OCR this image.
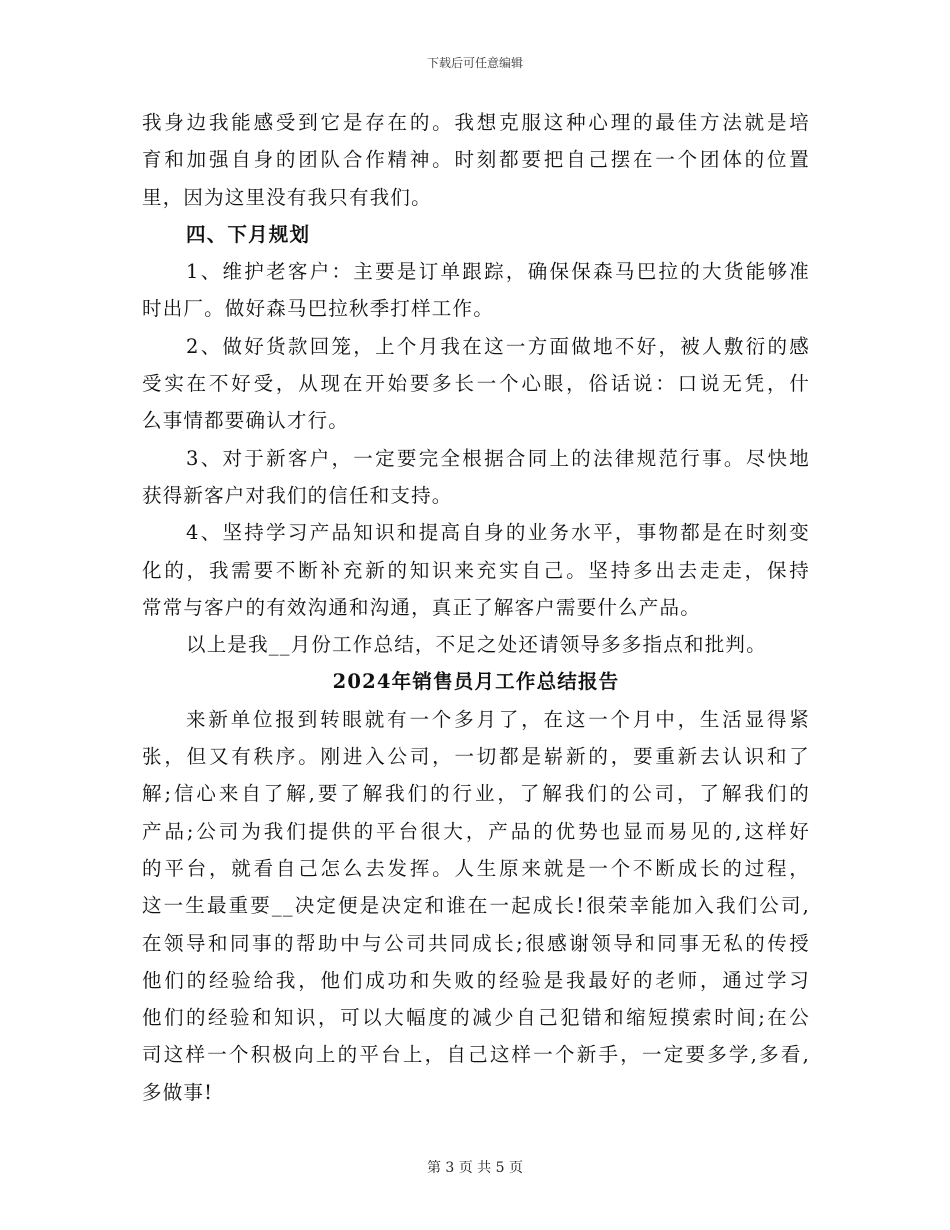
下载后可任意编辑
我身边我能感受到它是存在的。我想克服这种心理的最佳方法就是培
育和加强自身的团队合作精神。时刻都要把自己摆在一个团体的位置
里，因为这里没有我只有我们。
四、下月规划
1、维护老客户：主要是订单跟踪，确保保森马巴拉的大货能够准
时出厂。做好森马巴拉秋季打样工作。
2、做好货款回笼，上个月我在这一方面做地不好，被人敷衍的感
受实在不好受，从现在开始要多长一个心眼，俗话说：口说无凭，什
么事情都要确认才行。
3、对于新客户，一定要完全根据合同上的法律规范行事。尽快地
获得新客户对我们的信任和支持。
4、坚持学习产品知识和提高自身的业务水平，事物都是在时刻变
化的，我需要不断补充新的知识来充实自己。坚持多出去走走，保持
常常与客户的有效沟通和沟通，真正了解客户需要什么产品。
以上是我__月份工作总结，不足之处还请领导多多指点和批判。
2024年销售员月工作总结报告
来新单位报到转眼就有一个多月了，在这一个月中，生活显得紧
张，但又有秩序。刚进入公司，一切都是崭新的，要重新去认识和了
解;信心来自了解,要了解我们的行业，了解我们的公司，了解我们的
产品;公司为我们提供的平台很大，产品的优势也显而易见的,这样好
的平台，就看自己怎么去发挥。人生原来就是一个不断成长的过程，
这一生最重要__决定便是决定和谁在一起成长!很荣幸能加入我们公司,
在领导和同事的帮助中与公司共同成长;很感谢领导和同事无私的传授
他们的经验给我，他们成功和失败的经验是我最好的老师，通过学习
他们的经验和知识，可以大幅度的减少自己犯错和缩短摸索时间;在公
司这样一个积极向上的平台上，自己这样一个新手，一定要多学,多看,
多做事!
第 3 页 共 5 页
